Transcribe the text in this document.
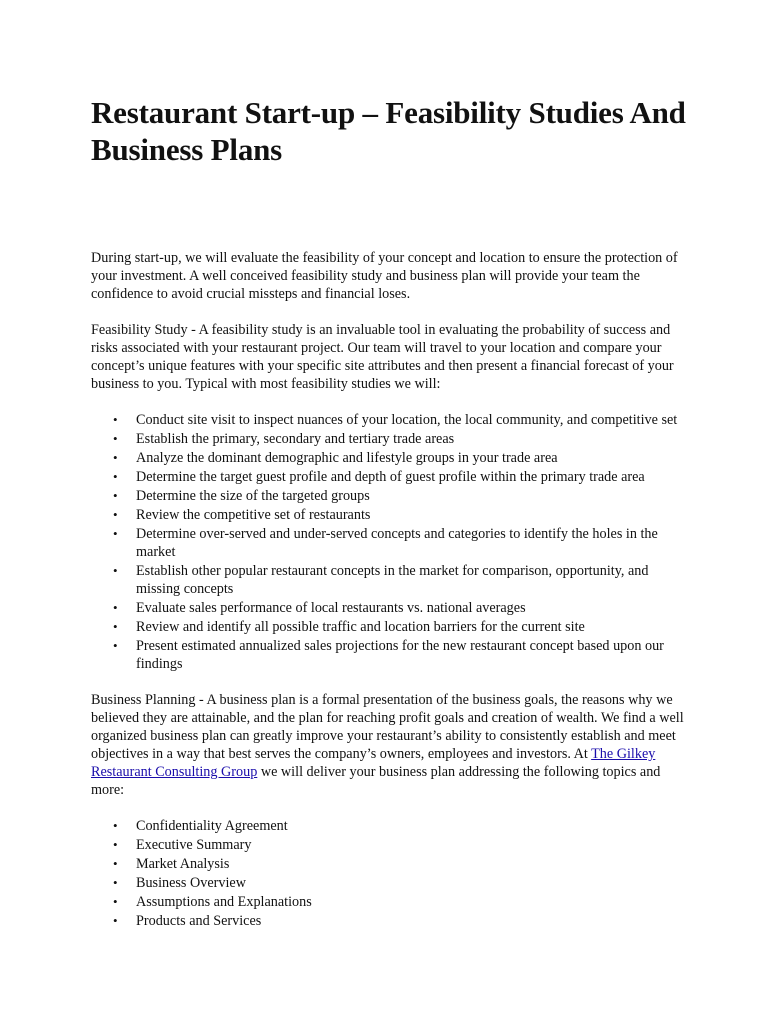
Restaurant Start-up – Feasibility Studies And Business Plans

During start-up, we will evaluate the feasibility of your concept and location to ensure the protection of your investment. A well conceived feasibility study and business plan will provide your team the confidence to avoid crucial missteps and financial loses.

Feasibility Study - A feasibility study is an invaluable tool in evaluating the probability of success and risks associated with your restaurant project. Our team will travel to your location and compare your concept’s unique features with your specific site attributes and then present a financial forecast of your business to you. Typical with most feasibility studies we will:

• Conduct site visit to inspect nuances of your location, the local community, and competitive set
• Establish the primary, secondary and tertiary trade areas
• Analyze the dominant demographic and lifestyle groups in your trade area
• Determine the target guest profile and depth of guest profile within the primary trade area
• Determine the size of the targeted groups
• Review the competitive set of restaurants
• Determine over-served and under-served concepts and categories to identify the holes in the market
• Establish other popular restaurant concepts in the market for comparison, opportunity, and missing concepts
• Evaluate sales performance of local restaurants vs. national averages
• Review and identify all possible traffic and location barriers for the current site
• Present estimated annualized sales projections for the new restaurant concept based upon our findings

Business Planning - A business plan is a formal presentation of the business goals, the reasons why we believed they are attainable, and the plan for reaching profit goals and creation of wealth. We find a well organized business plan can greatly improve your restaurant’s ability to consistently establish and meet objectives in a way that best serves the company’s owners, employees and investors. At The Gilkey Restaurant Consulting Group we will deliver your business plan addressing the following topics and more:

• Confidentiality Agreement
• Executive Summary
• Market Analysis
• Business Overview
• Assumptions and Explanations
• Products and Services
